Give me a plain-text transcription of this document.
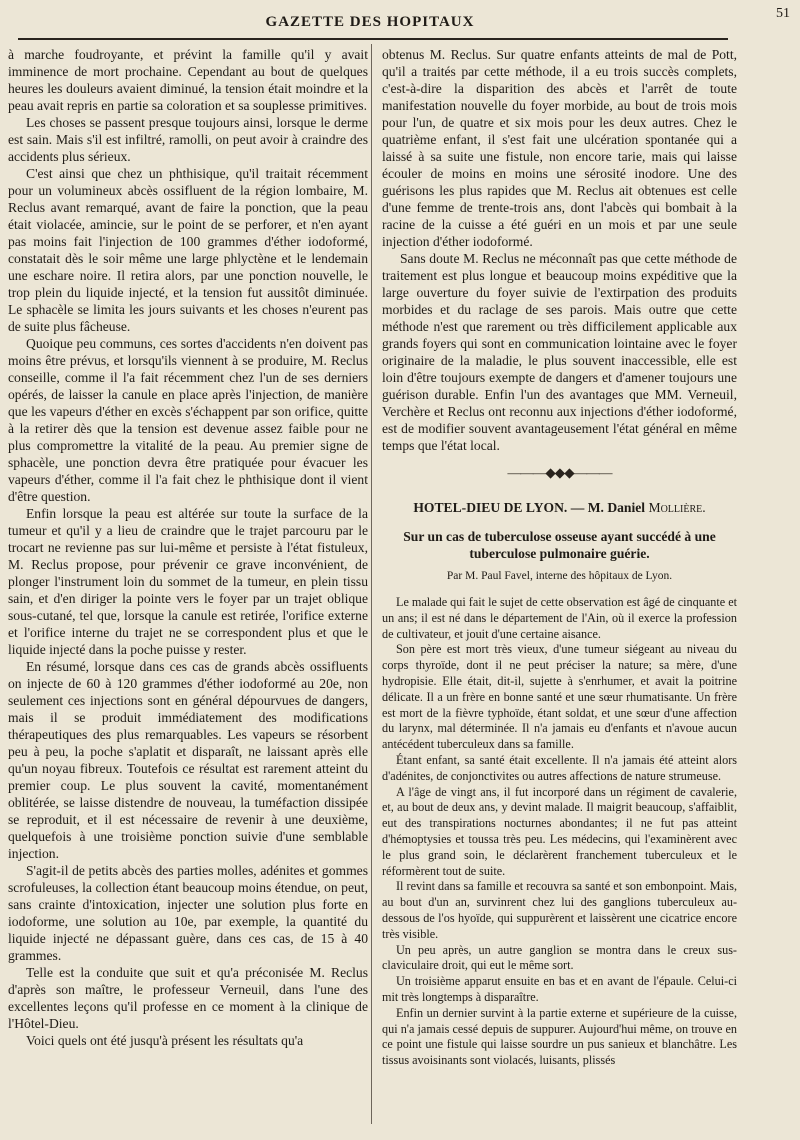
GAZETTE DES HOPITAUX
51

à marche foudroyante, et prévint la famille qu'il y avait imminence de mort prochaine. Cependant au bout de quelques heures les douleurs avaient diminué, la tension était moindre et la peau avait repris en partie sa coloration et sa souplesse primitives.

Les choses se passent presque toujours ainsi, lorsque le derme est sain. Mais s'il est infiltré, ramolli, on peut avoir à craindre des accidents plus sérieux.

C'est ainsi que chez un phthisique, qu'il traitait récemment pour un volumineux abcès ossifluent de la région lombaire, M. Reclus avant remarqué, avant de faire la ponction, que la peau était violacée, amincie, sur le point de se perforer, et n'en ayant pas moins fait l'injection de 100 grammes d'éther iodoformé, constatait dès le soir même une large phlyctène et le lendemain une eschare noire. Il retira alors, par une ponction nouvelle, le trop plein du liquide injecté, et la tension fut aussitôt diminuée. Le sphacèle se limita les jours suivants et les choses n'eurent pas de suite plus fâcheuse.

Quoique peu communs, ces sortes d'accidents n'en doivent pas moins être prévus, et lorsqu'ils viennent à se produire, M. Reclus conseille, comme il l'a fait récemment chez l'un de ses derniers opérés, de laisser la canule en place après l'injection, de manière que les vapeurs d'éther en excès s'échappent par son orifice, quitte à la retirer dès que la tension est devenue assez faible pour ne plus compromettre la vitalité de la peau. Au premier signe de sphacèle, une ponction devra être pratiquée pour évacuer les vapeurs d'éther, comme il l'a fait chez le phthisique dont il vient d'être question.

Enfin lorsque la peau est altérée sur toute la surface de la tumeur et qu'il y a lieu de craindre que le trajet parcouru par le trocart ne revienne pas sur lui-même et persiste à l'état fistuleux, M. Reclus propose, pour prévenir ce grave inconvénient, de plonger l'instrument loin du sommet de la tumeur, en plein tissu sain, et d'en diriger la pointe vers le foyer par un trajet oblique sous-cutané, tel que, lorsque la canule est retirée, l'orifice externe et l'orifice interne du trajet ne se correspondent plus et que le liquide injecté dans la poche puisse y rester.

En résumé, lorsque dans ces cas de grands abcès ossifluents on injecte de 60 à 120 grammes d'éther iodoformé au 20e, non seulement ces injections sont en général dépourvues de dangers, mais il se produit immédiatement des modifications thérapeutiques des plus remarquables. Les vapeurs se résorbent peu à peu, la poche s'aplatit et disparaît, ne laissant après elle qu'un noyau fibreux. Toutefois ce résultat est rarement atteint du premier coup. Le plus souvent la cavité, momentanément oblitérée, se laisse distendre de nouveau, la tuméfaction dissipée se reproduit, et il est nécessaire de revenir à une deuxième, quelquefois à une troisième ponction suivie d'une semblable injection.

S'agit-il de petits abcès des parties molles, adénites et gommes scrofuleuses, la collection étant beaucoup moins étendue, on peut, sans crainte d'intoxication, injecter une solution plus forte en iodoforme, une solution au 10e, par exemple, la quantité du liquide injecté ne dépassant guère, dans ces cas, de 15 à 40 grammes.

Telle est la conduite que suit et qu'a préconisée M. Reclus d'après son maître, le professeur Verneuil, dans l'une des excellentes leçons qu'il professe en ce moment à la clinique de l'Hôtel-Dieu.

Voici quels ont été jusqu'à présent les résultats qu'a

obtenus M. Reclus. Sur quatre enfants atteints de mal de Pott, qu'il a traités par cette méthode, il a eu trois succès complets, c'est-à-dire la disparition des abcès et l'arrêt de toute manifestation nouvelle du foyer morbide, au bout de trois mois pour l'un, de quatre et six mois pour les deux autres. Chez le quatrième enfant, il s'est fait une ulcération spontanée qui a laissé à sa suite une fistule, non encore tarie, mais qui laisse écouler de moins en moins une sérosité inodore. Une des guérisons les plus rapides que M. Reclus ait obtenues est celle d'une femme de trente-trois ans, dont l'abcès qui bombait à la racine de la cuisse a été guéri en un mois et par une seule injection d'éther iodoformé.

Sans doute M. Reclus ne méconnaît pas que cette méthode de traitement est plus longue et beaucoup moins expéditive que la large ouverture du foyer suivie de l'extirpation des produits morbides et du raclage de ses parois. Mais outre que cette méthode n'est que rarement ou très difficilement applicable aux grands foyers qui sont en communication lointaine avec le foyer originaire de la maladie, le plus souvent inaccessible, elle est loin d'être toujours exempte de dangers et d'amener toujours une guérison durable. Enfin l'un des avantages que MM. Verneuil, Verchère et Reclus ont reconnu aux injections d'éther iodoformé, est de modifier souvent avantageusement l'état général en même temps que l'état local.

———◆◆◆———
HOTEL-DIEU DE LYON. — M. Daniel Mollière.
Sur un cas de tuberculose osseuse ayant succédé à une tuberculose pulmonaire guérie.
Par M. Paul Favel, interne des hôpitaux de Lyon.

Le malade qui fait le sujet de cette observation est âgé de cinquante et un ans; il est né dans le département de l'Ain, où il exerce la profession de cultivateur, et jouit d'une certaine aisance.

Son père est mort très vieux, d'une tumeur siégeant au niveau du corps thyroïde, dont il ne peut préciser la nature; sa mère, d'une hydropisie. Elle était, dit-il, sujette à s'enrhumer, et avait la poitrine délicate. Il a un frère en bonne santé et une sœur rhumatisante. Un frère est mort de la fièvre typhoïde, étant soldat, et une sœur d'une affection du larynx, mal déterminée. Il n'a jamais eu d'enfants et n'avoue aucun antécédent tuberculeux dans sa famille.

Étant enfant, sa santé était excellente. Il n'a jamais été atteint alors d'adénites, de conjonctivites ou autres affections de nature strumeuse.

A l'âge de vingt ans, il fut incorporé dans un régiment de cavalerie, et, au bout de deux ans, y devint malade. Il maigrit beaucoup, s'affaiblit, eut des transpirations nocturnes abondantes; il ne fut pas atteint d'hémoptysies et toussa très peu. Les médecins, qui l'examinèrent avec le plus grand soin, le déclarèrent franchement tuberculeux et le réformèrent tout de suite.

Il revint dans sa famille et recouvra sa santé et son embonpoint. Mais, au bout d'un an, survinrent chez lui des ganglions tuberculeux au-dessous de l'os hyoïde, qui suppurèrent et laissèrent une cicatrice encore très visible.

Un peu après, un autre ganglion se montra dans le creux sus-claviculaire droit, qui eut le même sort.

Un troisième apparut ensuite en bas et en avant de l'épaule. Celui-ci mit très longtemps à disparaître.

Enfin un dernier survint à la partie externe et supérieure de la cuisse, qui n'a jamais cessé depuis de suppurer. Aujourd'hui même, on trouve en ce point une fistule qui laisse sourdre un pus sanieux et blanchâtre. Les tissus avoisinants sont violacés, luisants, plissés
